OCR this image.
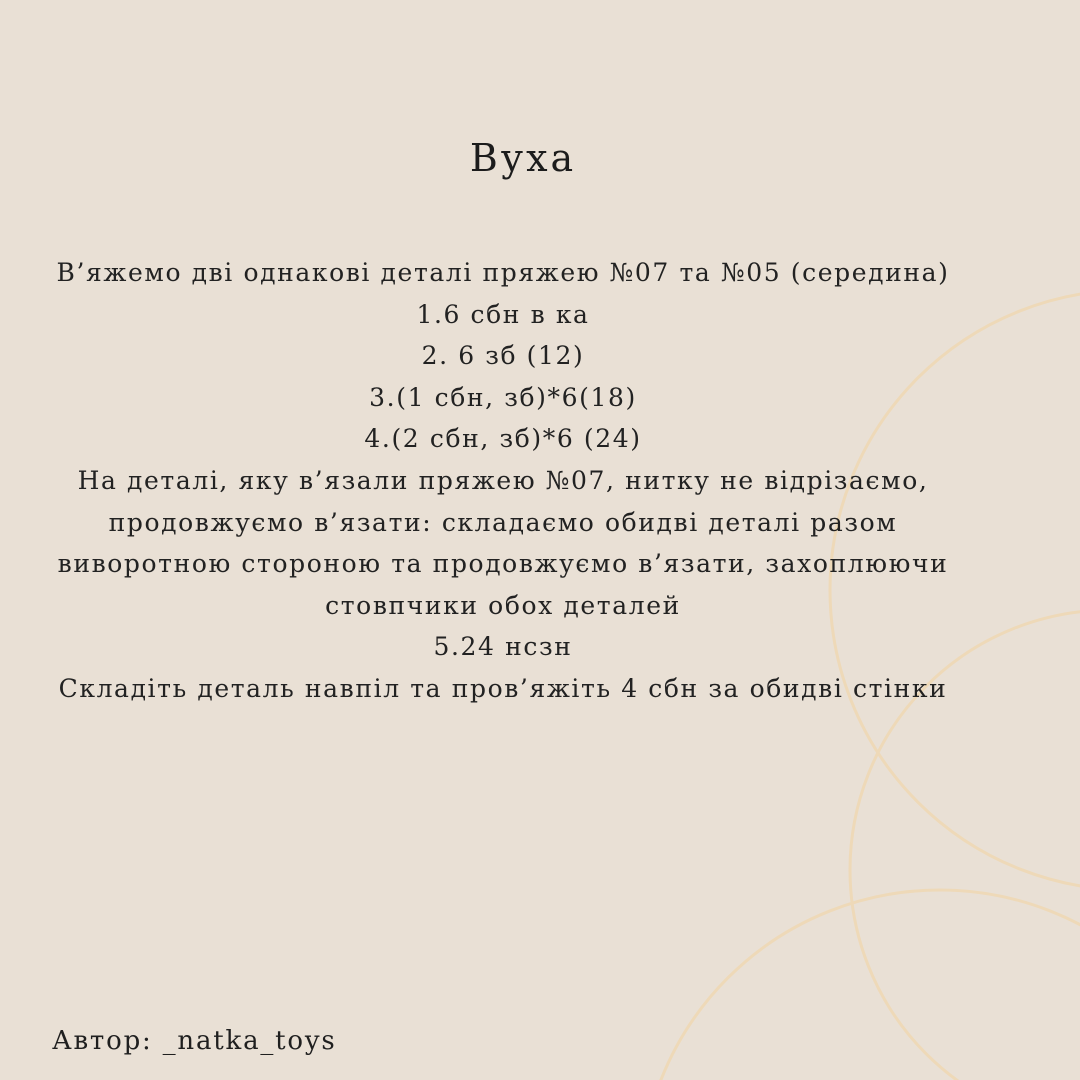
Вуха
В’яжемо дві однакові деталі пряжею №07 та №05 (середина)
1.6 сбн в ка
2. 6 зб (12)
3.(1 сбн, зб)*6(18)
4.(2 сбн, зб)*6 (24)
На деталі, яку в’язали пряжею №07, нитку не відрізаємо,
продовжуємо в’язати: складаємо обидві деталі разом
виворотною стороною та продовжуємо в’язати, захоплюючи
стовпчики обох деталей
5.24 нсзн
Складіть деталь навпіл та пров’яжіть 4 сбн за обидві стінки
Автор: _natka_toys
